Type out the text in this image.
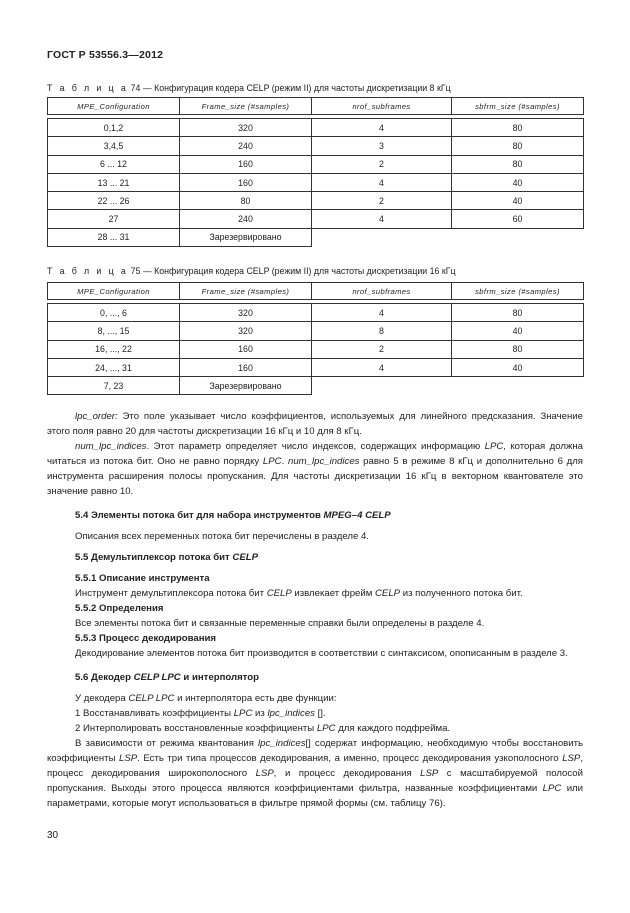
ГОСТ Р 53556.3—2012
Т а б л и ц а 74 — Конфигурация кодера CELP (режим II) для частоты дискретизации 8 кГц
MPE_Configuration	Frame_size (#samples)	nrof_subframes	sbfrm_size (#samples)

0,1,2	320	4	80
3,4,5	240	3	80
6 ... 12	160	2	80
13 ... 21	160	4	40
22 ... 26	80	2	40
27	240	4	60
28 ... 31	Зарезервировано		
Т а б л и ц а 75 — Конфигурация кодера CELP (режим II) для частоты дискретизации 16 кГц
MPE_Configuration	Frame_size (#samples)	nrof_subframes	sbfrm_size (#samples)

0, ..., 6	320	4	80
8, ..., 15	320	8	40
16, ..., 22	160	2	80
24, ..., 31	160	4	40
7, 23	Зарезервировано		

lpc_order: Это поле указывает число коэффициентов, используемых для линейного предсказания. Значение этого поля равно 20 для частоты дискретизации 16 кГц и 10 для 8 кГц.

num_lpc_indices. Этот параметр определяет число индексов, содержащих информацию LPC, которая должна читаться из потока бит. Оно не равно порядку LPC. num_lpc_indices равно 5 в режиме 8 кГц и дополнительно 6 для инструмента расширения полосы пропускания. Для частоты дискретизации 16 кГц в векторном квантователе это значение равно 10.

5.4 Элементы потока бит для набора инструментов MPEG–4 CELP

Описания всех переменных потока бит перечислены в разделе 4.

5.5 Демультиплексор потока бит CELP

5.5.1 Описание инструмента

Инструмент демультиплексора потока бит CELP извлекает фрейм CELP из полученного потока бит.

5.5.2 Определения

Все элементы потока бит и связанные переменные справки были определены в разделе 4.

5.5.3 Процесс декодирования

Декодирование элементов потока бит производится в соответствии с синтаксисом, опописанным в разделе 3.

5.6 Декодер CELP LPC и интерполятор

У декодера CELP LPC и интерполятора есть две функции:

1 Восстанавливать коэффициенты LPC из lpc_indices [].

2 Интерполировать восстановленные коэффициенты LPC для каждого подфрейма.

В зависимости от режима квантования lpc_indices[] содержат информацию, необходимую чтобы восстановить коэффициенты LSP. Есть три типа процессов декодирования, а именно, процесс декодирования узкополосного LSP, процесс декодирования широкополосного LSP, и процесс декодирования LSP с масштабируемой полосой пропускания. Выходы этого процесса являются коэффициентами фильтра, названные коэффициентами LPC или параметрами, которые могут использоваться в фильтре прямой формы (см. таблицу 76).

30
